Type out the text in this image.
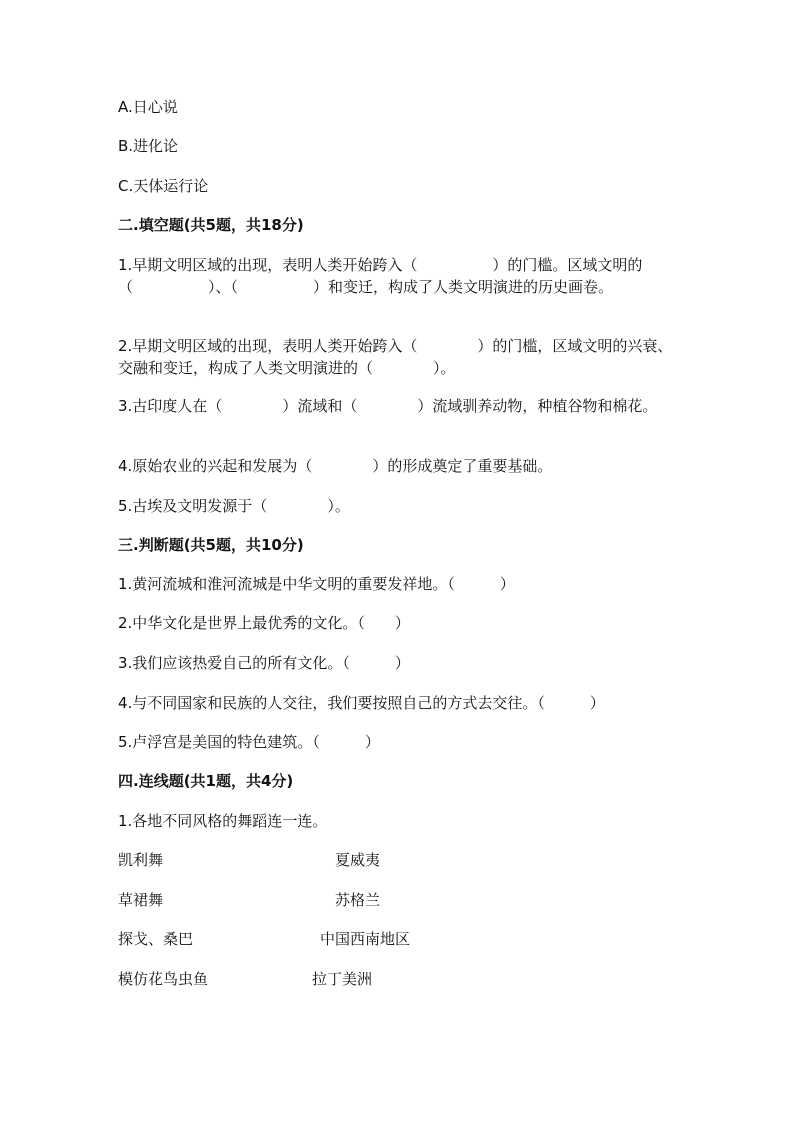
A.日心说
B.进化论
C.天体运行论
二.填空题(共5题，共18分)
1.早期文明区域的出现，表明人类开始跨入（　　　　　）的门槛。区域文明的（　　　　　）、（　　　　　）和变迁，构成了人类文明演进的历史画卷。
2.早期文明区域的出现，表明人类开始跨入（　　　　）的门槛，区域文明的兴衰、交融和变迁，构成了人类文明演进的（　　　　）。
3.古印度人在（　　　　）流域和（　　　　）流域驯养动物，种植谷物和棉花。
4.原始农业的兴起和发展为（　　　　）的形成奠定了重要基础。
5.古埃及文明发源于（　　　　）。
三.判断题(共5题，共10分)
1.黄河流城和淮河流城是中华文明的重要发祥地。（　　　）
2.中华文化是世界上最优秀的文化。（　　）
3.我们应该热爱自己的所有文化。（　　　）
4.与不同国家和民族的人交往，我们要按照自己的方式去交往。（　　　）
5.卢浮宫是美国的特色建筑。（　　　）
四.连线题(共1题，共4分)
1.各地不同风格的舞蹈连一连。
凯利舞	夏威夷
草裙舞	苏格兰
探戈、桑巴	中国西南地区
模仿花鸟虫鱼	拉丁美洲
